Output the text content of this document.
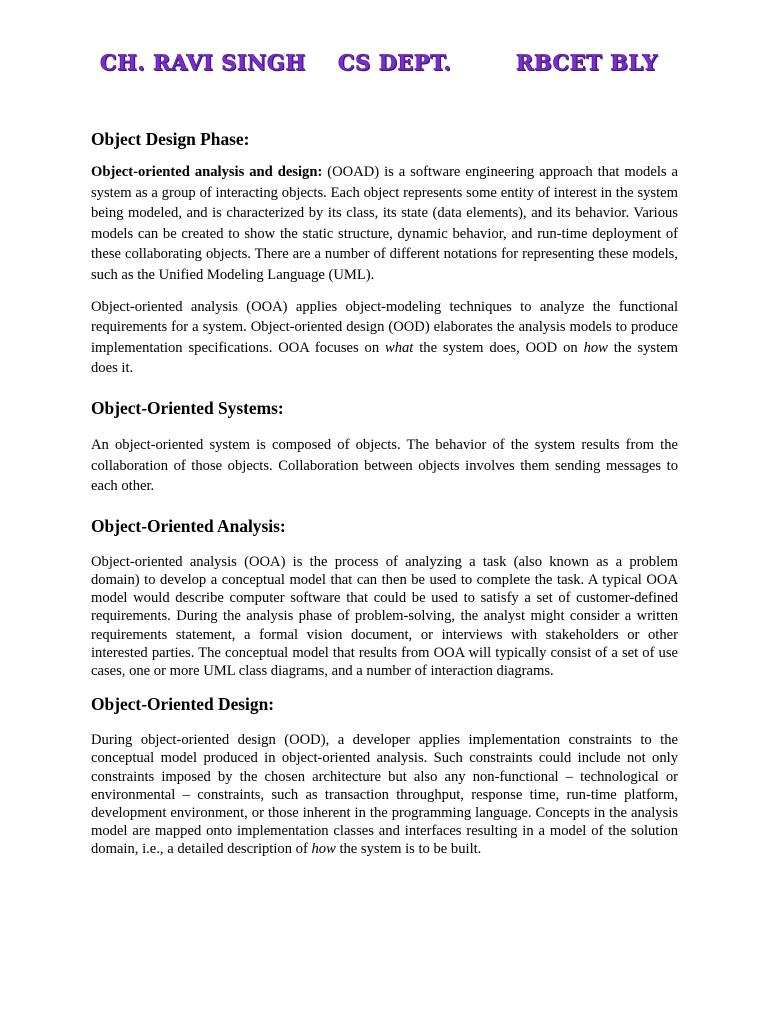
CH. RAVI SINGH CS DEPT.	RBCET BLY
Object Design Phase:

Object-oriented analysis and design: (OOAD) is a software engineering approach that models a system as a group of interacting objects. Each object represents some entity of interest in the system being modeled, and is characterized by its class, its state (data elements), and its behavior. Various models can be created to show the static structure, dynamic behavior, and run-time deployment of these collaborating objects. There are a number of different notations for representing these models, such as the Unified Modeling Language (UML).

Object-oriented analysis (OOA) applies object-modeling techniques to analyze the functional requirements for a system. Object-oriented design (OOD) elaborates the analysis models to produce implementation specifications. OOA focuses on what the system does, OOD on how the system does it.

Object-Oriented Systems:

An object-oriented system is composed of objects. The behavior of the system results from the collaboration of those objects. Collaboration between objects involves them sending messages to each other.

Object-Oriented Analysis:

Object-oriented analysis (OOA) is the process of analyzing a task (also known as a problem domain) to develop a conceptual model that can then be used to complete the task. A typical OOA model would describe computer software that could be used to satisfy a set of customer-defined requirements. During the analysis phase of problem-solving, the analyst might consider a written requirements statement, a formal vision document, or interviews with stakeholders or other interested parties. The conceptual model that results from OOA will typically consist of a set of use cases, one or more UML class diagrams, and a number of interaction diagrams.

Object-Oriented Design:

During object-oriented design (OOD), a developer applies implementation constraints to the conceptual model produced in object-oriented analysis. Such constraints could include not only constraints imposed by the chosen architecture but also any non-functional – technological or environmental – constraints, such as transaction throughput, response time, run-time platform, development environment, or those inherent in the programming language. Concepts in the analysis model are mapped onto implementation classes and interfaces resulting in a model of the solution domain, i.e., a detailed description of how the system is to be built.
